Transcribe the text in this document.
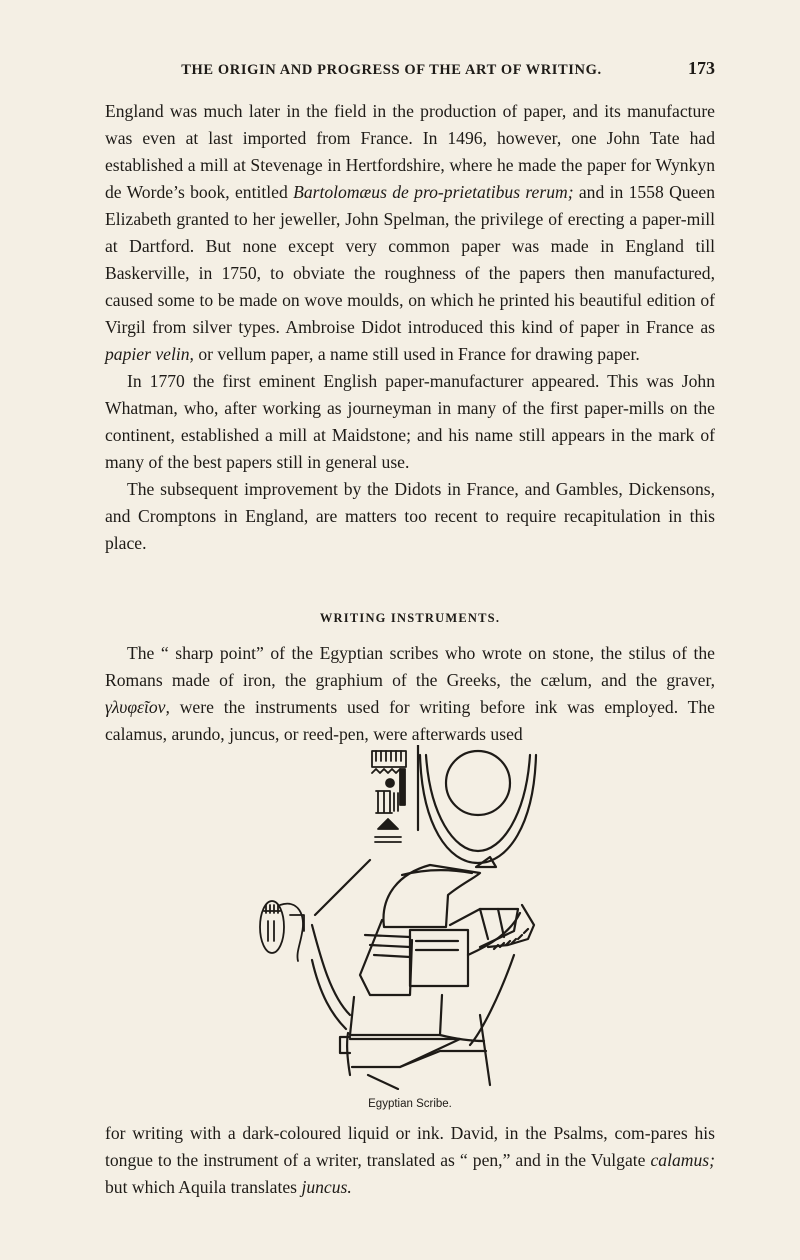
THE ORIGIN AND PROGRESS OF THE ART OF WRITING.	173

England was much later in the field in the production of paper, and its manufacture was even at last imported from France. In 1496, however, one John Tate had established a mill at Stevenage in Hertfordshire, where he made the paper for Wynkyn de Worde’s book, entitled Bartolomæus de pro-prietatibus rerum; and in 1558 Queen Elizabeth granted to her jeweller, John Spelman, the privilege of erecting a paper-mill at Dartford. But none except very common paper was made in England till Baskerville, in 1750, to obviate the roughness of the papers then manufactured, caused some to be made on wove moulds, on which he printed his beautiful edition of Virgil from silver types. Ambroise Didot introduced this kind of paper in France as papier velin, or vellum paper, a name still used in France for drawing paper.

In 1770 the first eminent English paper-manufacturer appeared. This was John Whatman, who, after working as journeyman in many of the first paper-mills on the continent, established a mill at Maidstone; and his name still appears in the mark of many of the best papers still in general use.

The subsequent improvement by the Didots in France, and Gambles, Dickensons, and Cromptons in England, are matters too recent to require recapitulation in this place.

WRITING INSTRUMENTS.

The “ sharp point” of the Egyptian scribes who wrote on stone, the stilus of the Romans made of iron, the graphium of the Greeks, the cælum, and the graver, γλυφεῖον, were the instruments used for writing before ink was employed. The calamus, arundo, juncus, or reed-pen, were afterwards used

Egyptian Scribe.

for writing with a dark-coloured liquid or ink. David, in the Psalms, com-pares his tongue to the instrument of a writer, translated as “ pen,” and in the Vulgate calamus; but which Aquila translates juncus.
